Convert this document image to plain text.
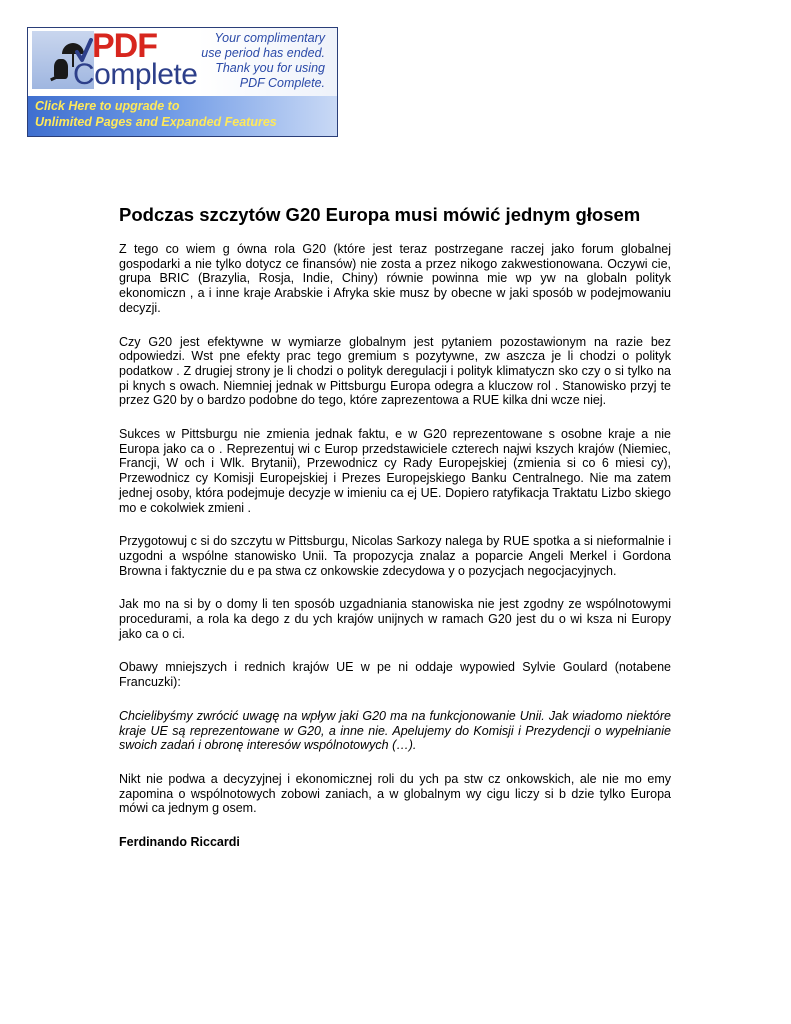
PDF
Complete
Your complimentary
use period has ended.
Thank you for using
PDF Complete.
Click Here to upgrade to
Unlimited Pages and Expanded Features
Podczas szczytów G20 Europa musi mówić jednym głosem

Z tego co wiem g ówna rola G20 (które jest teraz postrzegane raczej jako forum globalnej gospodarki a nie tylko dotycz ce finansów) nie zosta a przez nikogo zakwestionowana. Oczywi cie, grupa BRIC (Brazylia, Rosja, Indie, Chiny) równie powinna mie wp yw na globaln polityk ekonomiczn , a i inne kraje Arabskie i Afryka skie musz by obecne w jaki sposób w podejmowaniu decyzji.

Czy G20 jest efektywne w wymiarze globalnym jest pytaniem pozostawionym na razie bez odpowiedzi. Wst pne efekty prac tego gremium s pozytywne, zw aszcza je li chodzi o polityk podatkow . Z drugiej strony je li chodzi o polityk deregulacji i polityk klimatyczn sko czy o si tylko na pi knych s owach. Niemniej jednak w Pittsburgu Europa odegra a kluczow rol . Stanowisko przyj te przez G20 by o bardzo podobne do tego, które zaprezentowa a RUE kilka dni wcze niej.

Sukces w Pittsburgu nie zmienia jednak faktu, e w G20 reprezentowane s osobne kraje a nie Europa jako ca o . Reprezentuj wi c Europ przedstawiciele czterech najwi kszych krajów (Niemiec, Francji, W och i Wlk. Brytanii), Przewodnicz cy Rady Europejskiej (zmienia si co 6 miesi cy), Przewodnicz cy Komisji Europejskiej i Prezes Europejskiego Banku Centralnego. Nie ma zatem jednej osoby, która podejmuje decyzje w imieniu ca ej UE. Dopiero ratyfikacja Traktatu Lizbo skiego mo e cokolwiek zmieni .

Przygotowuj c si do szczytu w Pittsburgu, Nicolas Sarkozy nalega by RUE spotka a si nieformalnie i uzgodni a wspólne stanowisko Unii. Ta propozycja znalaz a poparcie Angeli Merkel i Gordona Browna i faktycznie du e pa stwa cz onkowskie zdecydowa y o pozycjach negocjacyjnych.

Jak mo na si by o domy li ten sposób uzgadniania stanowiska nie jest zgodny ze wspólnotowymi procedurami, a rola ka dego z du ych krajów unijnych w ramach G20 jest du o wi ksza ni Europy jako ca o ci.

Obawy mniejszych i rednich krajów UE w pe ni oddaje wypowied Sylvie Goulard (notabene Francuzki):

Chcielibyśmy zwrócić uwagę na wpływ jaki G20 ma na funkcjonowanie Unii. Jak wiadomo niektóre kraje UE są reprezentowane w G20, a inne nie. Apelujemy do Komisji i Prezydencji o wypełnianie swoich zadań i obronę interesów wspólnotowych (…).

Nikt nie podwa a decyzyjnej i ekonomicznej roli du ych pa stw cz onkowskich, ale nie mo emy zapomina o wspólnotowych zobowi zaniach, a w globalnym wy cigu liczy si b dzie tylko Europa mówi ca jednym g osem.

Ferdinando Riccardi
